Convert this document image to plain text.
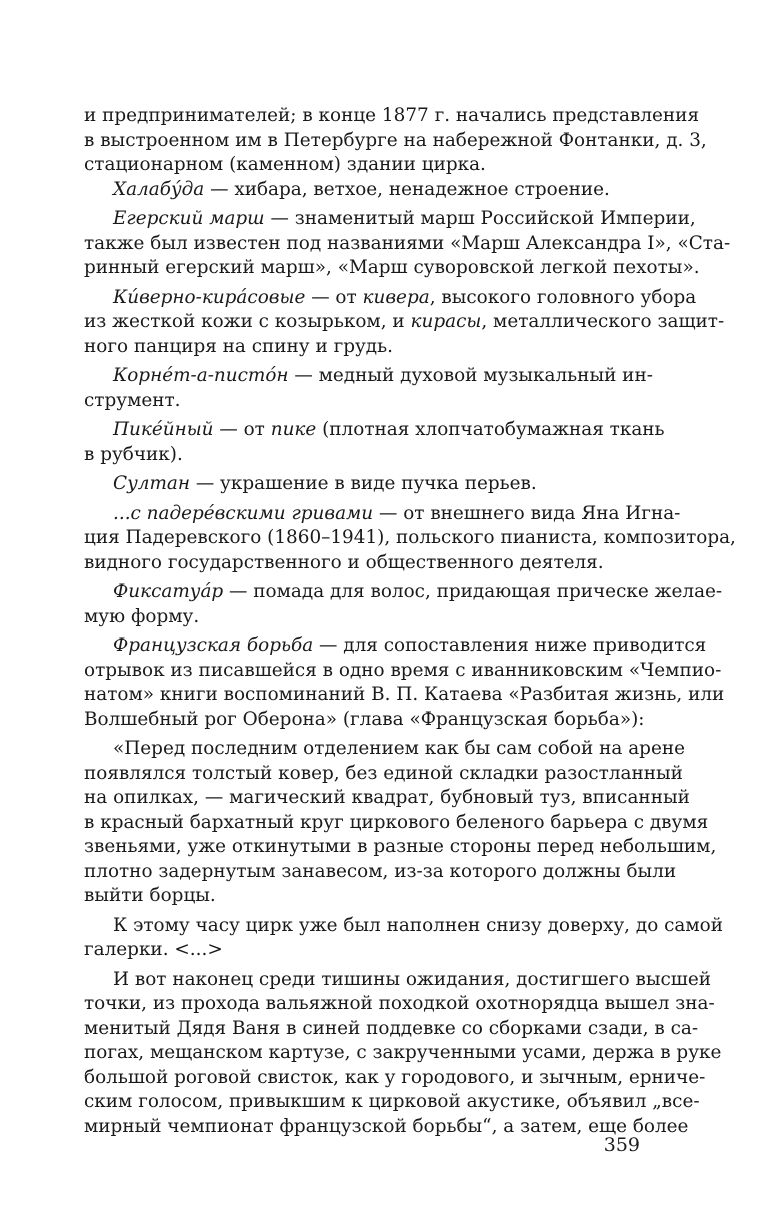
и предпринимателей; в конце 1877 г. начались представления
в выстроенном им в Петербурге на набережной Фонтанки, д. 3,
стационарном (каменном) здании цирка.
Халабу́да — хибара, ветхое, ненадежное строение.
Егерский марш — знаменитый марш Российской Империи,
также был известен под названиями «Марш Александра I», «Ста-
ринный егерский марш», «Марш суворовской легкой пехоты».
Ки́верно-кира́совые — от кивера, высокого головного убора
из жесткой кожи с козырьком, и кирасы, металлического защит-
ного панциря на спину и грудь.
Корне́т-а-писто́н — медный духовой музыкальный ин-
струмент.
Пике́йный — от пике (плотная хлопчатобумажная ткань
в рубчик).
Султан — украшение в виде пучка перьев.
...с падере́вскими гривами — от внешнего вида Яна Игна-
ция Падеревского (1860–1941), польского пианиста, композитора,
видного государственного и общественного деятеля.
Фиксатуа́р — помада для волос, придающая прическе желае-
мую форму.
Французская борьба — для сопоставления ниже приводится
отрывок из писавшейся в одно время с иванниковским «Чемпио-
натом» книги воспоминаний В. П. Катаева «Разбитая жизнь, или
Волшебный рог Оберона» (глава «Французская борьба»):
«Перед последним отделением как бы сам собой на арене
появлялся толстый ковер, без единой складки разостланный
на опилках, — магический квадрат, бубновый туз, вписанный
в красный бархатный круг циркового беленого барьера с двумя
звеньями, уже откинутыми в разные стороны перед небольшим,
плотно задернутым занавесом, из-за которого должны были
выйти борцы.
К этому часу цирк уже был наполнен снизу доверху, до самой
галерки. <...>
И вот наконец среди тишины ожидания, достигшего высшей
точки, из прохода вальяжной походкой охотнорядца вышел зна-
менитый Дядя Ваня в синей поддевке со сборками сзади, в са-
погах, мещанском картузе, с закрученными усами, держа в руке
большой роговой свисток, как у городового, и зычным, ерниче-
ским голосом, привыкшим к цирковой акустике, объявил „все-
мирный чемпионат французской борьбы“, а затем, еще более
359
